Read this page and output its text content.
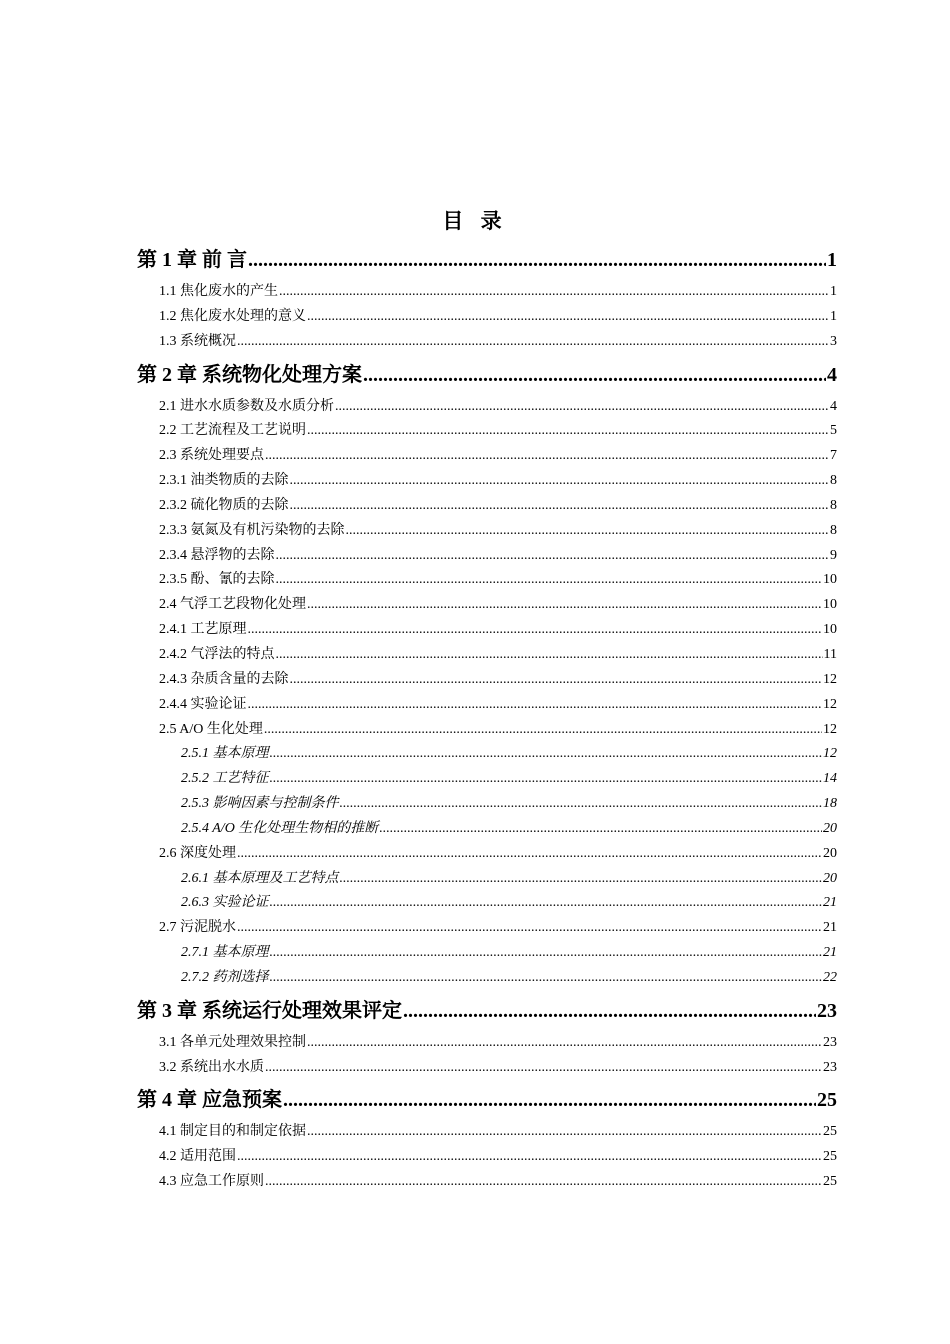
目 录
第 1 章 前 言 .....	1
1.1 焦化废水的产生 .....	1
1.2 焦化废水处理的意义 .....	1
1.3 系统概况 .....	3
第 2 章 系统物化处理方案 .....	4
2.1 进水水质参数及水质分析 .....	4
2.2 工艺流程及工艺说明 .....	5
2.3 系统处理要点 .....	7
2.3.1 油类物质的去除 .....	8
2.3.2 硫化物质的去除 .....	8
2.3.3 氨氮及有机污染物的去除 .....	8
2.3.4 悬浮物的去除 .....	9
2.3.5 酚、氰的去除 .....	10
2.4 气浮工艺段物化处理 .....	10
2.4.1 工艺原理 .....	10
2.4.2 气浮法的特点 .....	11
2.4.3 杂质含量的去除 .....	12
2.4.4 实验论证 .....	12
2.5 A/O 生化处理 .....	12
2.5.1 基本原理 .....	12
2.5.2 工艺特征 .....	14
2.5.3 影响因素与控制条件 .....	18
2.5.4 A/O 生化处理生物相的推断 .....	20
2.6 深度处理 .....	20
2.6.1 基本原理及工艺特点 .....	20
2.6.3 实验论证 .....	21
2.7 污泥脱水 .....	21
2.7.1 基本原理 .....	21
2.7.2 药剂选择 .....	22
第 3 章 系统运行处理效果评定 .....	23
3.1 各单元处理效果控制 .....	23
3.2 系统出水水质 .....	23
第 4 章 应急预案 .....	25
4.1 制定目的和制定依据 .....	25
4.2 适用范围 .....	25
4.3 应急工作原则 .....	25
